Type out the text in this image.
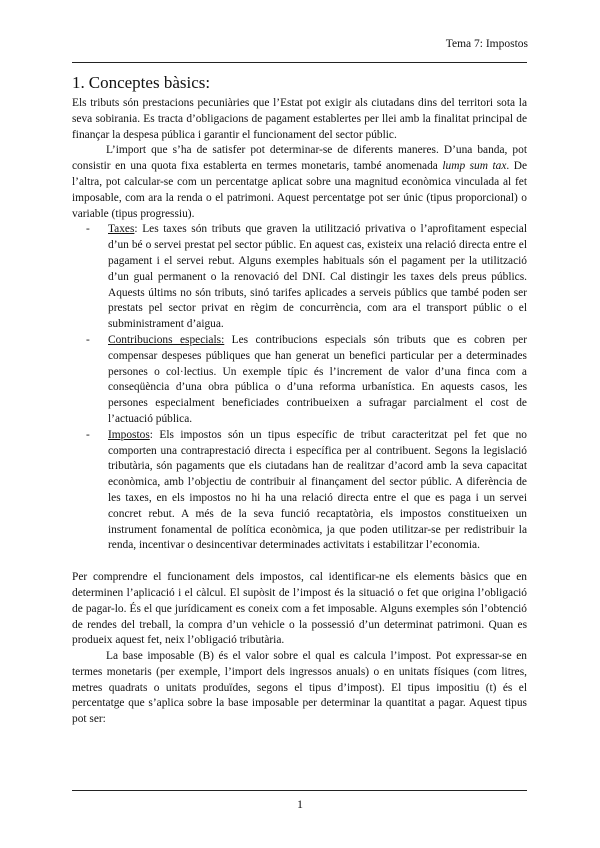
Tema 7: Impostos
1. Conceptes bàsics:

Els tributs són prestacions pecuniàries que l’Estat pot exigir als ciutadans dins del territori sota la seva sobirania. Es tracta d’obligacions de pagament establertes per llei amb la finalitat principal de finançar la despesa pública i garantir el funcionament del sector públic.

L’import que s’ha de satisfer pot determinar-se de diferents maneres. D’una banda, pot consistir en una quota fixa establerta en termes monetaris, també anomenada lump sum tax. De l’altra, pot calcular-se com un percentatge aplicat sobre una magnitud econòmica vinculada al fet imposable, com ara la renda o el patrimoni. Aquest percentatge pot ser únic (tipus proporcional) o variable (tipus progressiu).

- Taxes: Les taxes són tributs que graven la utilització privativa o l’aprofitament especial d’un bé o servei prestat pel sector públic. En aquest cas, existeix una relació directa entre el pagament i el servei rebut. Alguns exemples habituals són el pagament per la utilització d’un gual permanent o la renovació del DNI. Cal distingir les taxes dels preus públics. Aquests últims no són tributs, sinó tarifes aplicades a serveis públics que també poden ser prestats pel sector privat en règim de concurrència, com ara el transport públic o el subministrament d’aigua.
- Contribucions especials: Les contribucions especials són tributs que es cobren per compensar despeses públiques que han generat un benefici particular per a determinades persones o col·lectius. Un exemple típic és l’increment de valor d’una finca com a conseqüència d’una obra pública o d’una reforma urbanística. En aquests casos, les persones especialment beneficiades contribueixen a sufragar parcialment el cost de l’actuació pública.
- Impostos: Els impostos són un tipus específic de tribut caracteritzat pel fet que no comporten una contraprestació directa i específica per al contribuent. Segons la legislació tributària, són pagaments que els ciutadans han de realitzar d’acord amb la seva capacitat econòmica, amb l’objectiu de contribuir al finançament del sector públic. A diferència de les taxes, en els impostos no hi ha una relació directa entre el que es paga i un servei concret rebut. A més de la seva funció recaptatòria, els impostos constitueixen un instrument fonamental de política econòmica, ja que poden utilitzar-se per redistribuir la renda, incentivar o desincentivar determinades activitats i estabilitzar l’economia.

Per comprendre el funcionament dels impostos, cal identificar-ne els elements bàsics que en determinen l’aplicació i el càlcul. El supòsit de l’impost és la situació o fet que origina l’obligació de pagar-lo. És el que jurídicament es coneix com a fet imposable. Alguns exemples són l’obtenció de rendes del treball, la compra d’un vehicle o la possessió d’un determinat patrimoni. Quan es produeix aquest fet, neix l’obligació tributària.

La base imposable (B) és el valor sobre el qual es calcula l’impost. Pot expressar-se en termes monetaris (per exemple, l’import dels ingressos anuals) o en unitats físiques (com litres, metres quadrats o unitats produïdes, segons el tipus d’impost). El tipus impositiu (t) és el percentatge que s’aplica sobre la base imposable per determinar la quantitat a pagar. Aquest tipus pot ser:

1
